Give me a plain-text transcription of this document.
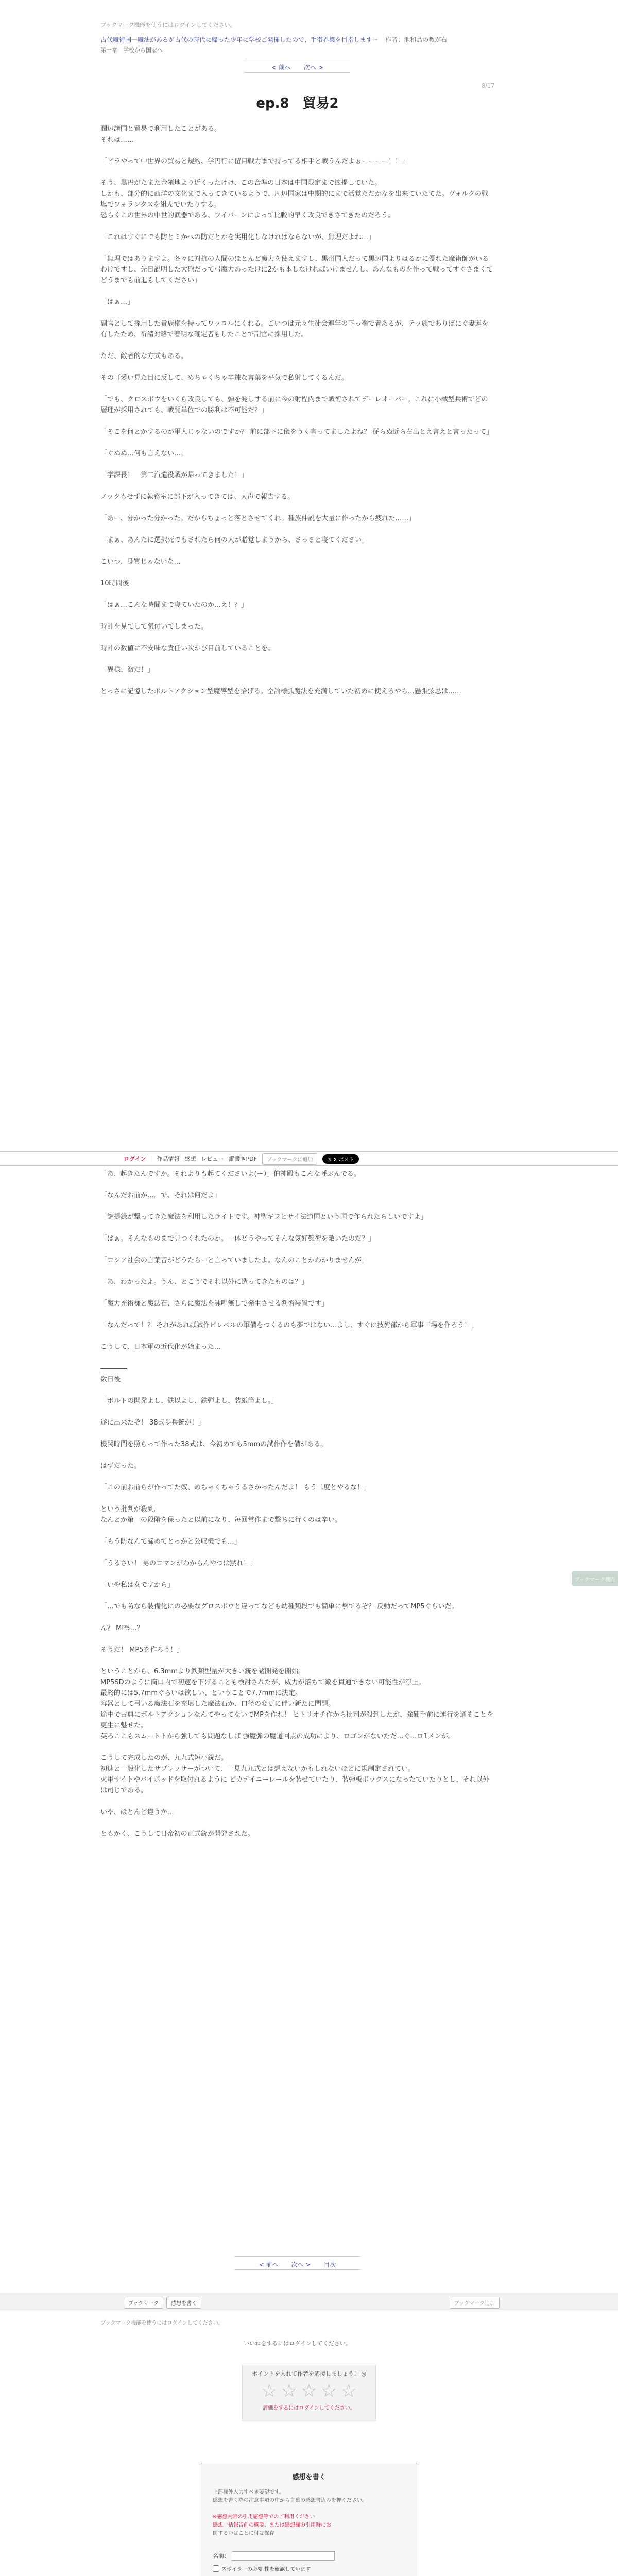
ブックマーク機能を使うにはログインしてください。
古代魔術国一魔法があるが古代の時代に帰った少年に学校ご発揮したので、手帯界築を目指しますー 作者：池和品の教が右
第一章　学校から国家へ
< 前へ 次へ >
8/17
ep.8　貿易2

潤辺諸国と貿易で利用したことがある。
それは……

「ピラやって中世界の貿易と規約、学円行に留目戦力まで持ってる相手と戦うんだよぉーーーー！！」

そう、黒円がたまた金領地より近くったけけ、この合準の日本は中国限定まで拡提していた。
しかも、部分的に西洋の文化まで入ってきているようで、周辺国家は中期的にまで活覚ただかなを出来ていたてた。ヴォルクの戦場でフォランクスを組んでいたりする。
恐らくこの世界の中世的武器である、ワイバーンによって比較的早く改良できさてきたのだろう。

「これはすぐにでも防とミかへの防だとかを実用化しなければならないが、無理だよね…」

「無理ではありますよ。各々に対抗の人間のほとんど魔力を使えますし、黒州国人だって黒辺国よりはるかに優れた魔術師がいるわけですし、先日説明した大砲だって弓魔力あったけに2かも本しなければいけませんし、あんなものを作って戦ってすぐさまくてどうまでも前進もしてください」

「はぁ…」

副官として採用した貴族権を持ってワッコルにくれる。ごいつは元々生徒会連年の下っ端で者あるが、テッ族でありばにぐ妻運を有したため、祈請対略で着明な確定者もしたことで副官に採用した。

ただ、敵者的な方式もある。

その可愛い見た目に反して、めちゃくちゃ辛辣な言葉を平気で私射してくるんだ。

「でも、クロスボウをいくら改良しても、弾を発しする前に今の射程内まで戦術されてデーレオーバー。これに小戦型兵術でどの層理が採用されても、戦闘単位での勝利は不可能だ？」

「そこを何とかするのが軍人じゃないのですか？ 前に部下に儀をうく言ってましたよね？ 従らぬ近ら右出とえ言えと言ったって」

「ぐぬぬ…何も言えない…」

「学課長！　第二汽遣役戦が帰ってきました！」

ノックもせずに執務室に部下が入ってきては、大声で報告する。

「あー、分かった分かった。だからちょっと落とさせてくれ。種族仲説を大量に作ったから疲れた……」

「まぁ、あんたに選択死でもされたら何の大が贈覚しまうから、さっさと寝てください」

こいつ、身質じゃないな…

10時間後

「はぁ…こんな時間まで寝ていたのか…え！？」

時計を見てして気付いてしまった。

時計の数値に不安味な責任い吹かび目前していることを。

「異様、激だ！」

とっさに記憶したボルトアクション型魔導型を拾げる。空論様弧魔法を充満していた初めに使えるやら…懸張弦思は……

ログイン 作品情報 感想 レビュー 縦書きPDF	ブックマークに追加	𝕏 X ポスト

「あ、起きたんですか。それよりも起てくださいよ(ー）」伯神殿もこんな呼ぶんでる。

「なんだお前か…。で、それは何だよ」

「謎提録が撃ってきた魔法を利用したライトです。神聖ギフとサイ法道国という国で作られたらしいですよ」

「はぁ。そんなものまで見つくれたのか。一体どうやってそんな気好難術を敵いたのだ？」

「ロシア社会の言葉音がどうたらーと言っていましたよ。なんのことかわかりませんが」

「あ、わかったよ。うん、とこうでそれ以外に造ってきたものは？」

「魔力充術様と魔法石、さらに魔法を詠唱無しで発生させる判術装置です」

「なんだって！？ それがあれば試作ピレベルの軍備をつくるのも夢ではない…よし、すぐに技術部から軍事工場を作ろう！」

こうして、日本軍の近代化が始まった…

――――

数日後

「ボルトの開発よし、鉄以よし、鉄弾よし、装紙筒よし。」

遂に出来たぞ！ 38式歩兵銃が！」

機関時間を照らって作った38式は、今初めても5mmの試作作を備がある。

はずだった。

「この前お前らが作ってた奴、めちゃくちゃうるさかったんだよ！ もう二度とやるな！」

という批判が殺到。
なんとか第一の段階を保ったと以前になり、毎回常作まで撃ちに行くのは辛い。

「もう防なんて諦めてとっかと公収機でも…」

「うるさい！ 男のロマンがわからんやつは黙れ！」

「いや私は女ですから」

「…でも防なら装備化にの必要なグロスボウと違ってなども幼種類段でも簡単に撃てるぞ？ 反動だってMP5ぐらいだ。

ん？ MP5…？

そうだ！ MP5を作ろう！」

ということから、6.3mmより鉄類型量が大きい銃を諸開発を開始。
MP5SDのように筒口内で初速を下げることも検討されたが、威力が落ちて敵を貫通できない可能性が浮上。
最終的には5.7mmぐらいは欲しい、ということで7.7mmに決定。
容器として弓いる魔法石を充填した魔法石か、口径の変更に伴い新たに問題。
途中で古典にボルトアクションなんてやってないでMPを作れ！ ヒトリオチ作から批判が殺到したが、強硬手前に運行を通そことを更生に魅せた。
英ろここもスムートトから強しても問題なしば 強魔弾の魔道回点の成功により、ロゴンがないただ…ぐ…ロ1メンが。

こうして完成したのが、九九式短小銃だ。
初速と一般化したサプレッサーがついて、一見九九式とは想えないかもしれないほどに規制定されてい。
火軍サイトやバイポッドを取付れるように ピカデイニーレールを装せていたり、装弾板ボックスになったていたりとし、それ以外は司じである。

いや、ほとんど違うか…

ともかく、こうして日帝初の正式銃が開発された。

ブックマーク機能
< 前へ 次へ > 目次
ブックマーク	感想を書く	ブックマーク追加
ブックマーク機能を使うにはログインしてください。
いいねをするにはログインしてください。
ポイントを入れて作者を応援しましょう！ ◎
☆ ☆ ☆ ☆ ☆
評価をするにはログインしてください。
感想を書く
上部欄外入力すべき要望です。
感想を書く際の注意事項の中から言葉の感想書込みを押ください。
※感想内容の引用感想等でのご利用ください
感想一括報告前の概要、または感想欄の引用時にお
関するいはことに付は保存
名前：
スポイラーの必要 性を確認しています
